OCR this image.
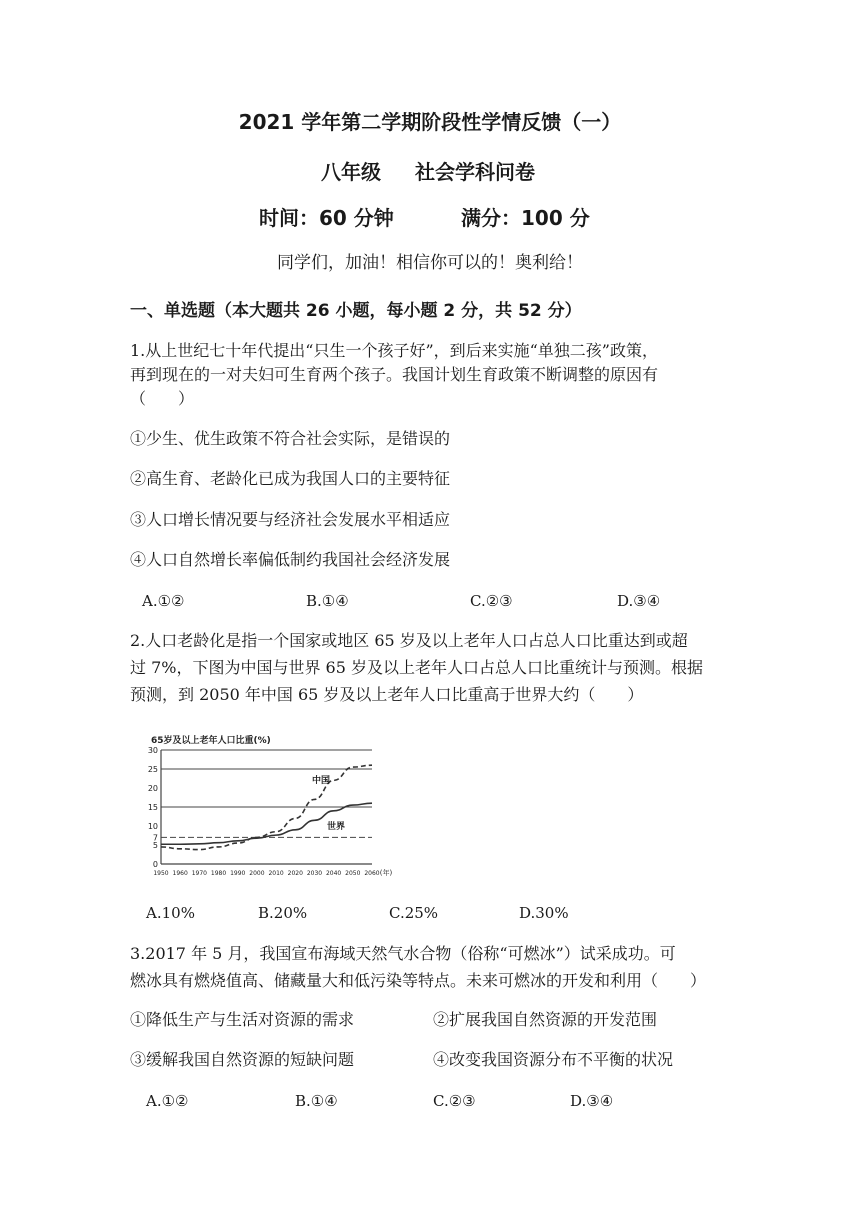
2021 学年第二学期阶段性学情反馈（一）
八年级 社会学科问卷
时间：60 分钟	满分：100 分
同学们，加油！相信你可以的！奥利给！
一、单选题（本大题共 26 小题，每小题 2 分，共 52 分）
1.从上世纪七十年代提出“只生一个孩子好”，到后来实施“单独二孩”政策，
再到现在的一对夫妇可生育两个孩子。我国计划生育政策不断调整的原因有
（　　）
①少生、优生政策不符合社会实际，是错误的
②高生育、老龄化已成为我国人口的主要特征
③人口增长情况要与经济社会发展水平相适应
④人口自然增长率偏低制约我国社会经济发展
A.①②	B.①④	C.②③	D.③④
2.人口老龄化是指一个国家或地区 65 岁及以上老年人口占总人口比重达到或超
过 7%，下图为中国与世界 65 岁及以上老年人口占总人口比重统计与预测。根据
预测，到 2050 年中国 65 岁及以上老年人口比重高于世界大约（　　）
65岁及以上老年人口比重(%)
0
5
7
10
15
20
25
30
1950 1960 1970 1980 1990 2000 2010 2020 2030 2040 2050 2060 (年)
中国
世界
A.10%	B.20%	C.25%	D.30%
3.2017 年 5 月，我国宣布海域天然气水合物（俗称“可燃冰”）试采成功。可
燃冰具有燃烧值高、储藏量大和低污染等特点。未来可燃冰的开发和利用（　　）
①降低生产与生活对资源的需求	②扩展我国自然资源的开发范围
③缓解我国自然资源的短缺问题	④改变我国资源分布不平衡的状况
A.①②	B.①④	C.②③	D.③④
